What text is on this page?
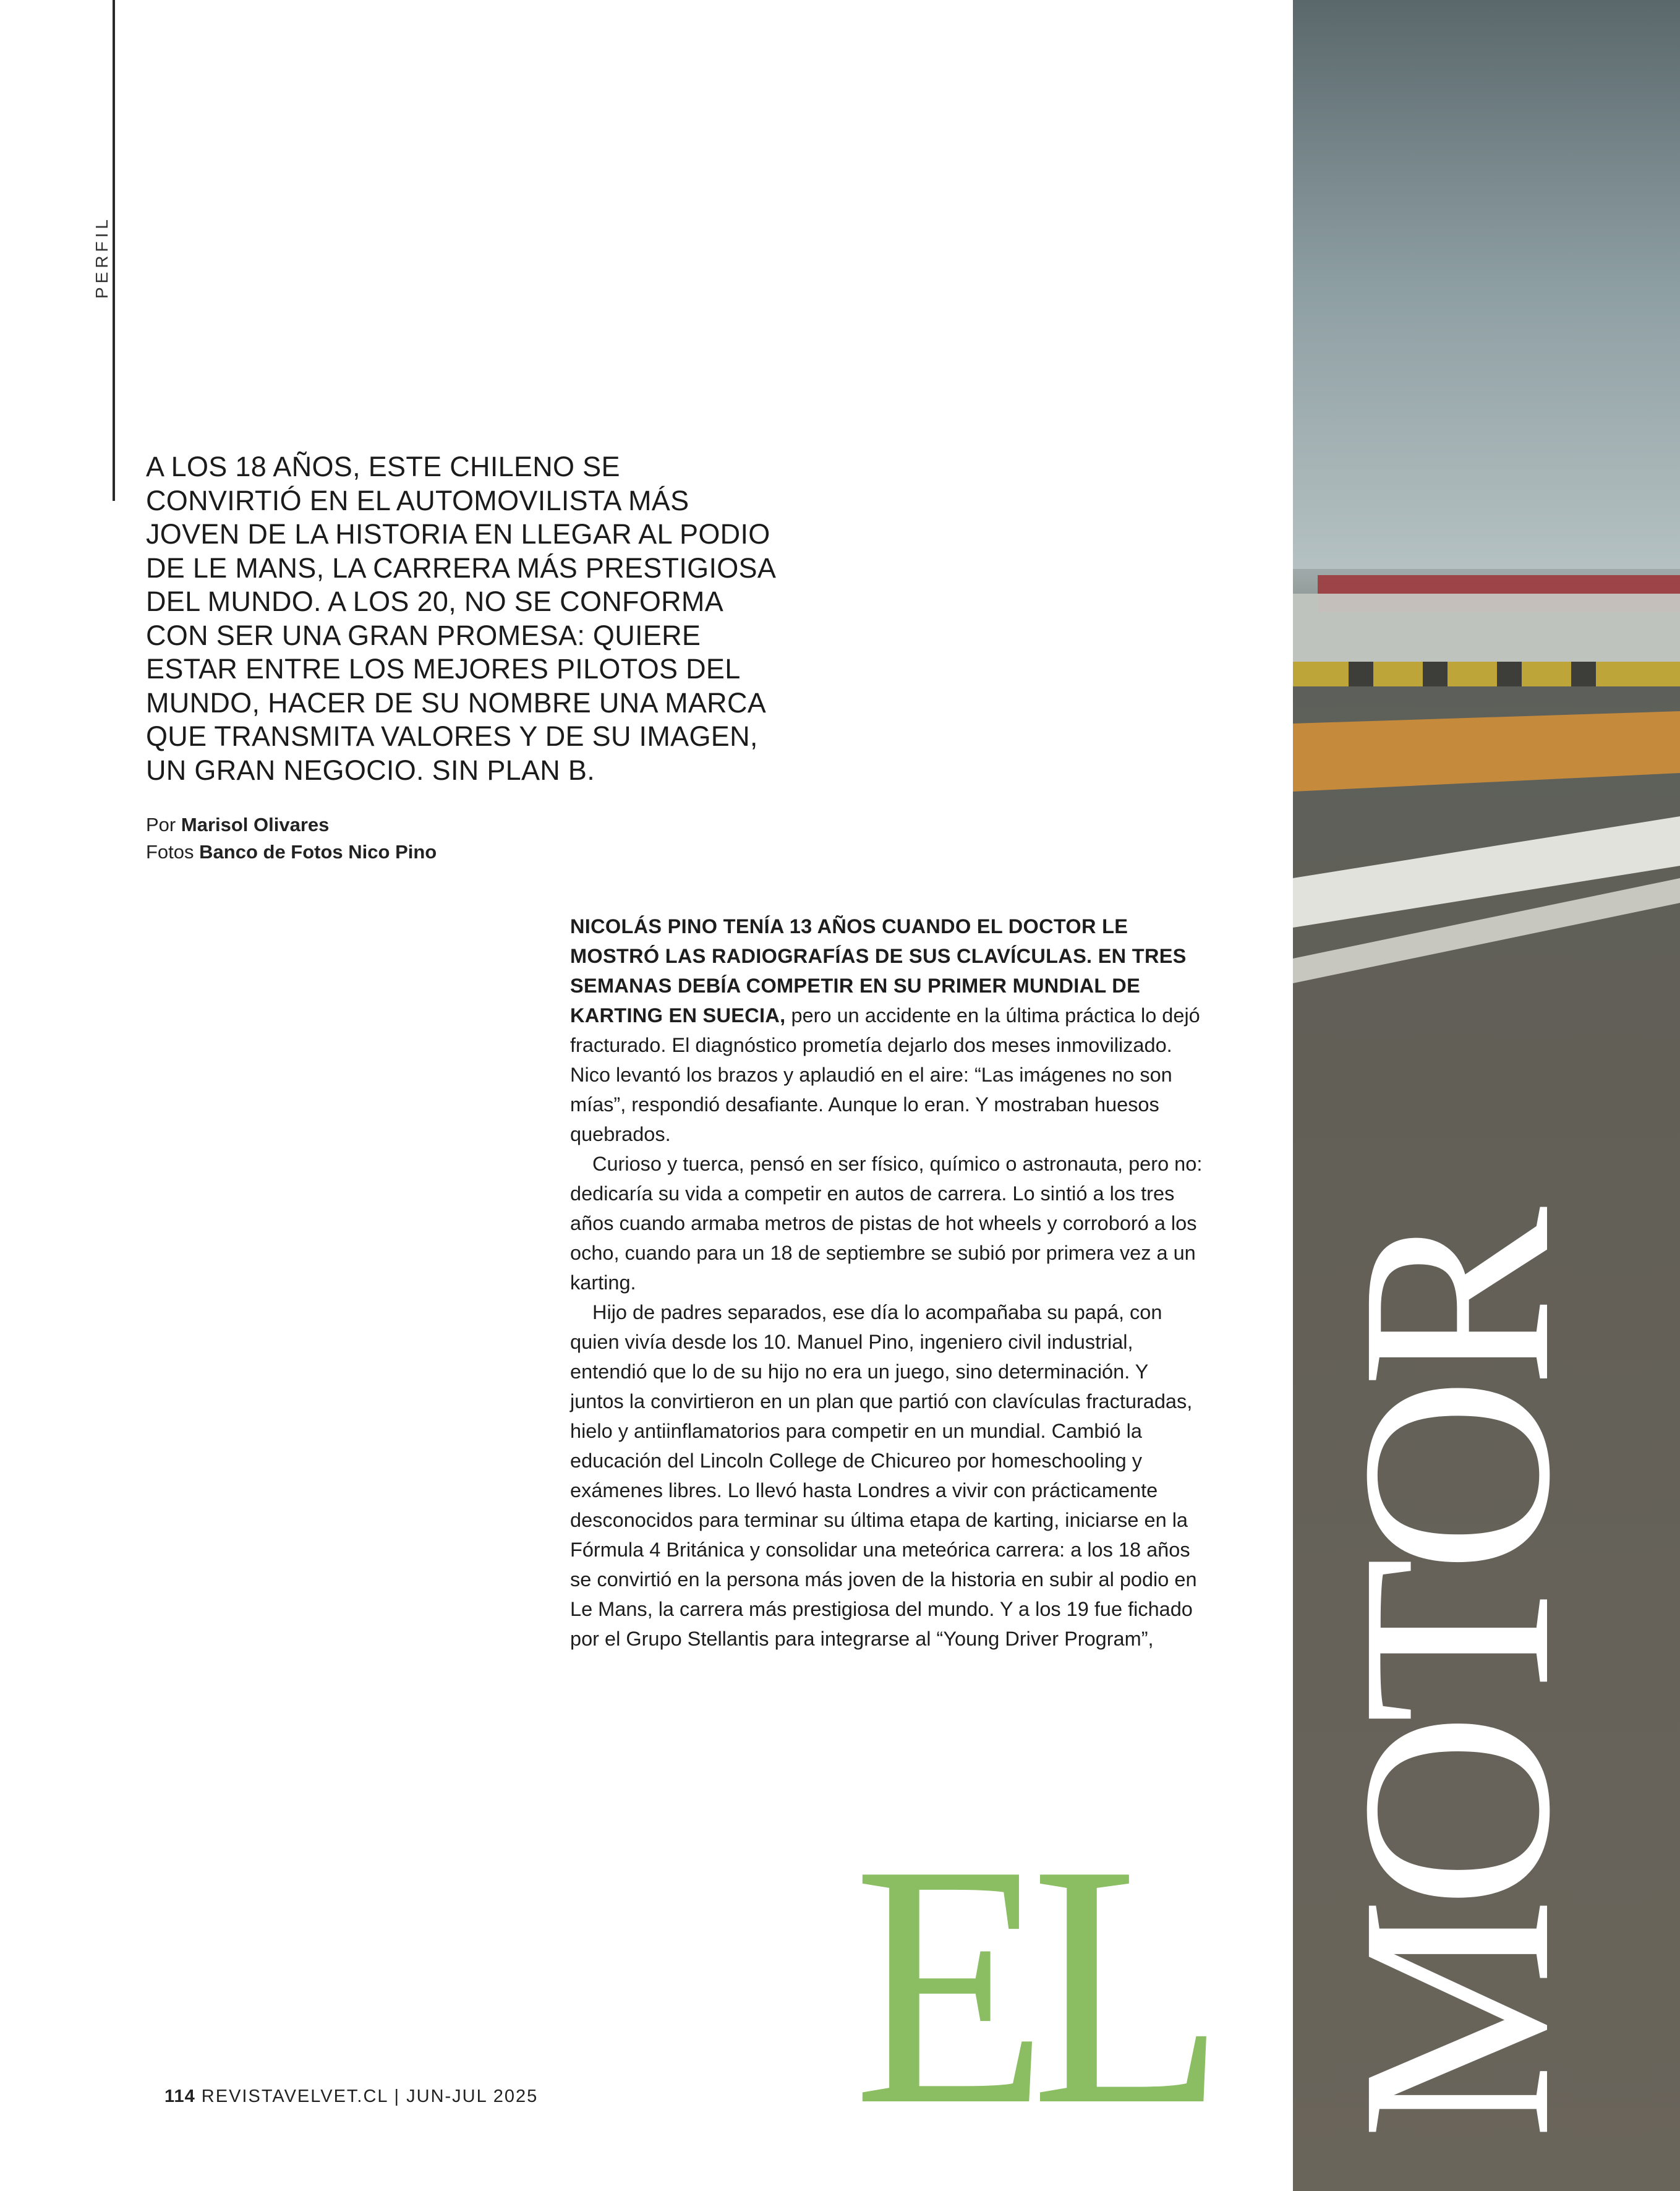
PERFIL

A LOS 18 AÑOS, ESTE CHILENO SE CONVIRTIÓ EN EL AUTOMOVILISTA MÁS JOVEN DE LA HISTORIA EN LLEGAR AL PODIO DE LE MANS, LA CARRERA MÁS PRESTIGIOSA DEL MUNDO. A LOS 20, NO SE CONFORMA CON SER UNA GRAN PROMESA: QUIERE ESTAR ENTRE LOS MEJORES PILOTOS DEL MUNDO, HACER DE SU NOMBRE UNA MARCA QUE TRANSMITA VALORES Y DE SU IMAGEN, UN GRAN NEGOCIO. SIN PLAN B.

Por Marisol Olivares
Fotos Banco de Fotos Nico Pino

NICOLÁS PINO TENÍA 13 AÑOS CUANDO EL DOCTOR LE MOSTRÓ LAS RADIOGRAFÍAS DE SUS CLAVÍCULAS. EN TRES SEMANAS DEBÍA COMPETIR EN SU PRIMER MUNDIAL DE KARTING EN SUECIA, pero un accidente en la última práctica lo dejó fracturado. El diagnóstico prometía dejarlo dos meses inmovilizado. Nico levantó los brazos y aplaudió en el aire: “Las imágenes no son mías”, respondió desafiante. Aunque lo eran. Y mostraban huesos quebrados.

Curioso y tuerca, pensó en ser físico, químico o astronauta, pero no: dedicaría su vida a competir en autos de carrera. Lo sintió a los tres años cuando armaba metros de pistas de hot wheels y corroboró a los ocho, cuando para un 18 de septiembre se subió por primera vez a un karting.

Hijo de padres separados, ese día lo acompañaba su papá, con quien vivía desde los 10. Manuel Pino, ingeniero civil industrial, entendió que lo de su hijo no era un juego, sino determinación. Y juntos la convirtieron en un plan que partió con clavículas fracturadas, hielo y antiinflamatorios para competir en un mundial. Cambió la educación del Lincoln College de Chicureo por homeschooling y exámenes libres. Lo llevó hasta Londres a vivir con prácticamente desconocidos para terminar su última etapa de karting, iniciarse en la Fórmula 4 Británica y consolidar una meteórica carrera: a los 18 años se convirtió en la persona más joven de la historia en subir al podio en Le Mans, la carrera más prestigiosa del mundo. Y a los 19 fue fichado por el Grupo Stellantis para integrarse al “Young Driver Program”,

EL MOTOR
114 REVISTAVELVET.CL | JUN-JUL 2025
